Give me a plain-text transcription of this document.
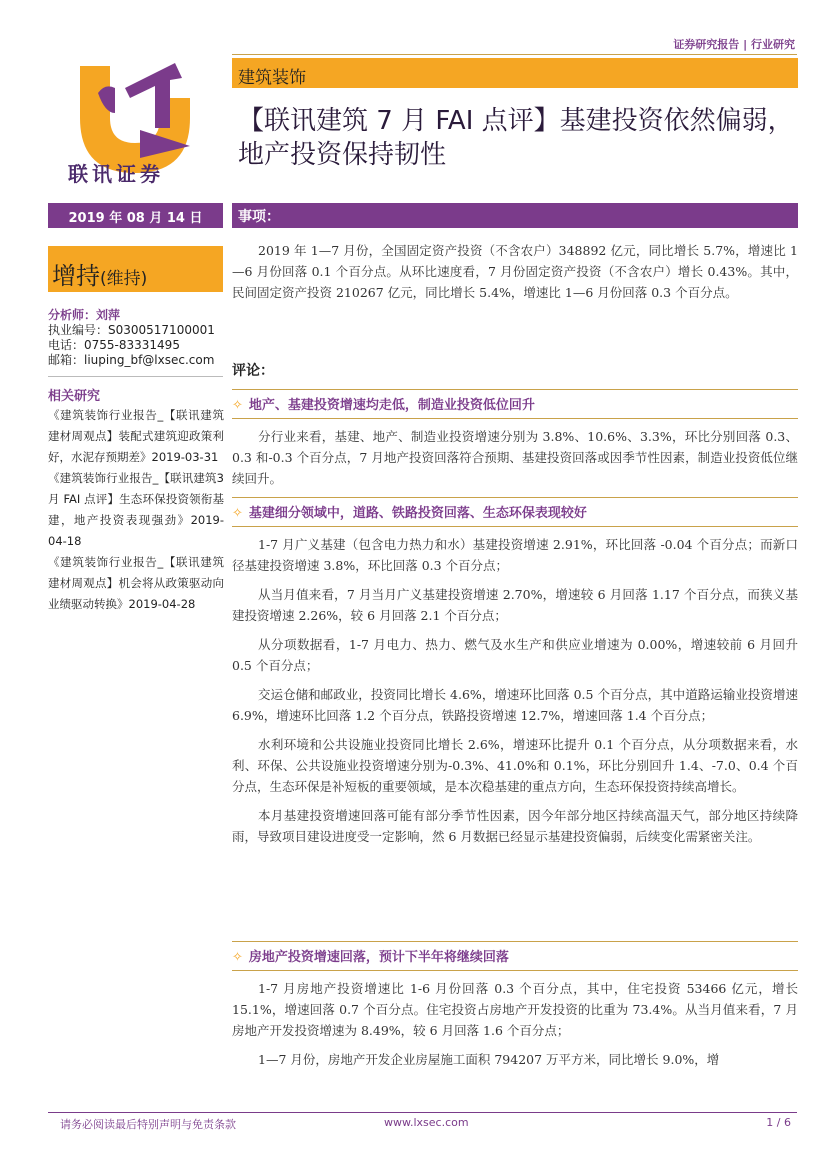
证券研究报告 | 行业研究
联讯证券
建筑装饰
【联讯建筑 7 月 FAI 点评】基建投资依然偏弱，地产投资保持韧性
2019 年 08 月 14 日	事项：
增持(维持)
分析师：刘萍
执业编号：S0300517100001
电话：0755-83331495
邮箱：liuping_bf@lxsec.com
相关研究
《建筑装饰行业报告_【联讯建筑建材周观点】装配式建筑迎政策利好，水泥存预期差》2019-03-31
《建筑装饰行业报告_【联讯建筑3 月 FAI 点评】生态环保投资领衔基建，地产投资表现强劲》2019-04-18
《建筑装饰行业报告_【联讯建筑建材周观点】机会将从政策驱动向业绩驱动转换》2019-04-28

2019 年 1—7 月份，全国固定资产投资（不含农户）348892 亿元，同比增长 5.7%，增速比 1—6 月份回落 0.1 个百分点。从环比速度看，7 月份固定资产投资（不含农户）增长 0.43%。其中，民间固定资产投资 210267 亿元，同比增长 5.4%，增速比 1—6 月份回落 0.3 个百分点。

评论：
✧ 地产、基建投资增速均走低，制造业投资低位回升

分行业来看，基建、地产、制造业投资增速分别为 3.8%、10.6%、3.3%，环比分别回落 0.3、0.3 和-0.3 个百分点，7 月地产投资回落符合预期、基建投资回落或因季节性因素，制造业投资低位继续回升。

✧ 基建细分领域中，道路、铁路投资回落、生态环保表现较好

1-7 月广义基建（包含电力热力和水）基建投资增速 2.91%，环比回落 -0.04 个百分点；而新口径基建投资增速 3.8%，环比回落 0.3 个百分点；

从当月值来看，7 月当月广义基建投资增速 2.70%，增速较 6 月回落 1.17 个百分点，而狭义基建投资增速 2.26%，较 6 月回落 2.1 个百分点；

从分项数据看，1-7 月电力、热力、燃气及水生产和供应业增速为 0.00%，增速较前 6 月回升 0.5 个百分点；

交运仓储和邮政业，投资同比增长 4.6%，增速环比回落 0.5 个百分点，其中道路运输业投资增速 6.9%，增速环比回落 1.2 个百分点，铁路投资增速 12.7%，增速回落 1.4 个百分点；

水利环境和公共设施业投资同比增长 2.6%，增速环比提升 0.1 个百分点，从分项数据来看，水利、环保、公共设施业投资增速分别为-0.3%、41.0%和 0.1%，环比分别回升 1.4、-7.0、0.4 个百分点，生态环保是补短板的重要领域，是本次稳基建的重点方向，生态环保投资持续高增长。

本月基建投资增速回落可能有部分季节性因素，因今年部分地区持续高温天气，部分地区持续降雨，导致项目建设进度受一定影响，然 6 月数据已经显示基建投资偏弱，后续变化需紧密关注。

✧ 房地产投资增速回落，预计下半年将继续回落

1-7 月房地产投资增速比 1-6 月份回落 0.3 个百分点，其中，住宅投资 53466 亿元，增长 15.1%，增速回落 0.7 个百分点。住宅投资占房地产开发投资的比重为 73.4%。从当月值来看，7 月房地产开发投资增速为 8.49%，较 6 月回落 1.6 个百分点；

1—7 月份，房地产开发企业房屋施工面积 794207 万平方米，同比增长 9.0%，增

请务必阅读最后特别声明与免责条款	www.lxsec.com	1 / 6
